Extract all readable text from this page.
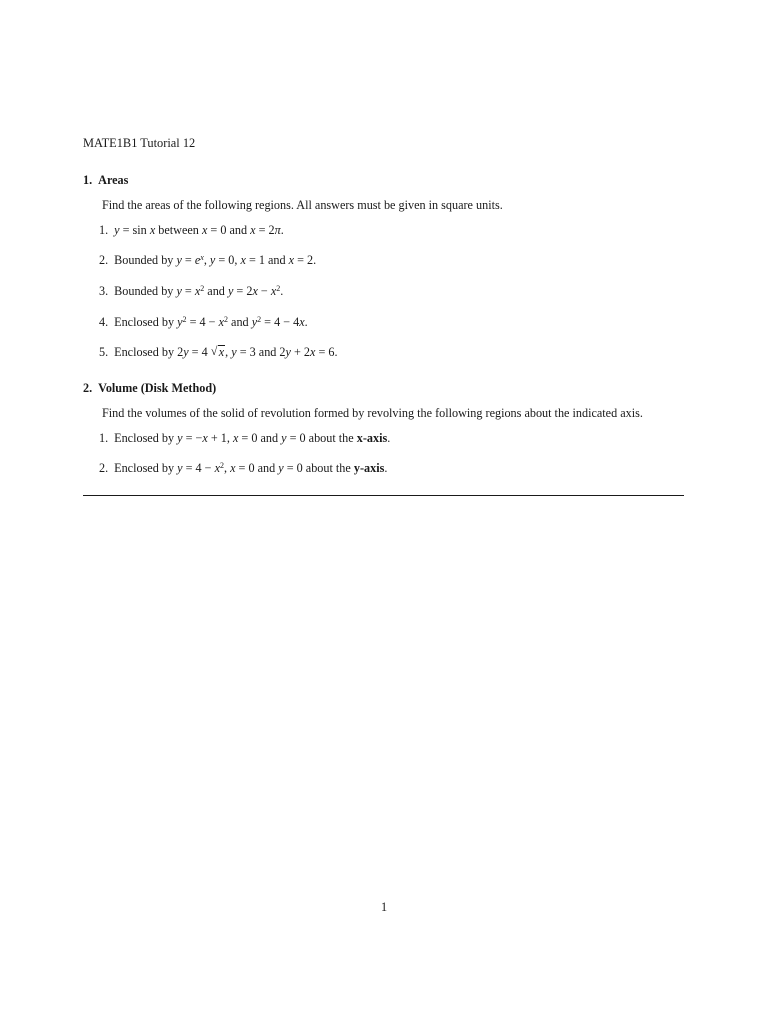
MATE1B1 Tutorial 12
1. Areas
Find the areas of the following regions. All answers must be given in square units.
1. y = sin x between x = 0 and x = 2π.
2. Bounded by $y = e^x$, y = 0, x = 1 and x = 2.
3. Bounded by $y = x^2$ and $y = 2x - x^2$.
4. Enclosed by $y^2 = 4 - x^2$ and $y^2 = 4 - 4x$.
5. Enclosed by 2y = 4 √ x, y = 3 and 2y + 2x = 6.
2. Volume (Disk Method)
Find the volumes of the solid of revolution formed by revolving the following regions about the indicated axis.
1. Enclosed by y = −x + 1, x = 0 and y = 0 about the x-axis.
2. Enclosed by $y = 4 - x^2$, x = 0 and y = 0 about the y-axis.
1
